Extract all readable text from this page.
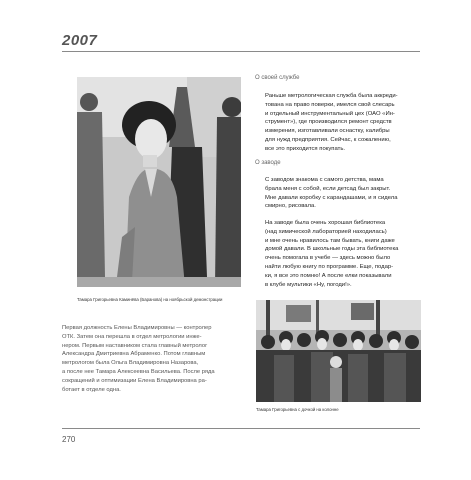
2007
Тамара Григорьевна Каминёва (Баранова) на ноябрьской демонстрации

Первая должность Елены Владимировны — контролер

ОТК. Затем она перешла в отдел метрологии инже-

нером. Первым наставником стала главный метролог

Александра Дмитриевна Абраменко. Потом главным

метрологом была Ольга Владимировна Назарова,

а после нее Тамара Алексеевна Васильева. После ряда

сокращений и оптимизации Елена Владимировна ра-

ботает в отделе одна.

О своей службе

Раньше метрологическая служба была аккреди-

тована на право поверки, имелся свой слесарь

и отдельный инструментальный цех (ОАО «Ин-

струмент»), где производился ремонт средств

измерения, изготавливали оснастку, калибры

для нужд предприятия. Сейчас, к сожалению,

все это приходится покупать.

О заводе

С заводом знакома с самого детства, мама

брала меня с собой, если детсад был закрыт.

Мне давали коробку с карандашами, и я сидела

смирно, рисовала.

На заводе была очень хорошая библиотека

(над химической лабораторией находилась)

и мне очень нравилось там бывать, книги даже

домой давали. В школьные годы эта библиотека

очень помогала в учебе — здесь можно было

найти любую книгу по программе. Еще, подар-

ки, я все это помню! А после елки показывали

в клубе мультики «Ну, погоди!».

Тамара Григорьевна с дочкой на колонне
270
